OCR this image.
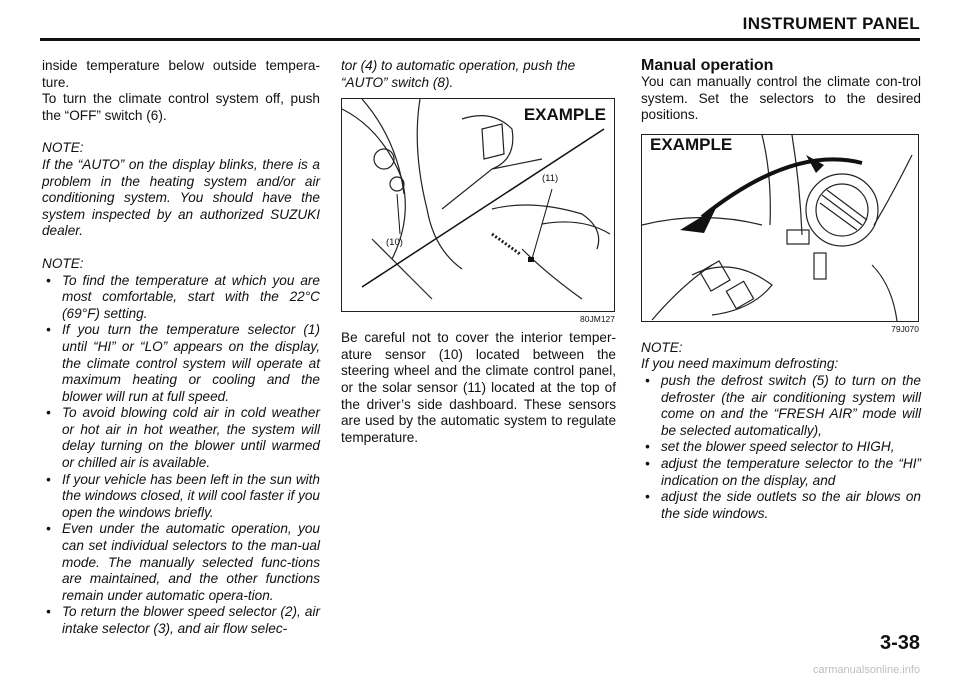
INSTRUMENT PANEL

inside temperature below outside tempera-ture.

To turn the climate control system off, push the “OFF” switch (6).

NOTE:

If the “AUTO” on the display blinks, there is a problem in the heating system and/or air conditioning system. You should have the system inspected by an authorized SUZUKI dealer.

NOTE:

• To find the temperature at which you are most comfortable, start with the 22°C (69°F) setting.
• If you turn the temperature selector (1) until “HI” or “LO” appears on the display, the climate control system will operate at maximum heating or cooling and the blower will run at full speed.
• To avoid blowing cold air in cold weather or hot air in hot weather, the system will delay turning on the blower until warmed or chilled air is available.
• If your vehicle has been left in the sun with the windows closed, it will cool faster if you open the windows briefly.
• Even under the automatic operation, you can set individual selectors to the man-ual mode. The manually selected func-tions are maintained, and the other functions remain under automatic opera-tion.
• To return the blower speed selector (2), air intake selector (3), and air flow selec-

tor (4) to automatic operation, push the “AUTO” switch (8).

EXAMPLE
(11)
(10)
80JM127

Be careful not to cover the interior temper-ature sensor (10) located between the steering wheel and the climate control panel, or the solar sensor (11) located at the top of the driver’s side dashboard. These sensors are used by the automatic system to regulate temperature.

Manual operation

You can manually control the climate con-trol system. Set the selectors to the desired positions.

EXAMPLE
79J070

NOTE:

If you need maximum defrosting:

• push the defrost switch (5) to turn on the defroster (the air conditioning system will come on and the “FRESH AIR” mode will be selected automatically),
• set the blower speed selector to HIGH,
• adjust the temperature selector to the “HI” indication on the display, and
• adjust the side outlets so the air blows on the side windows.
3-38
carmanualsonline.info
